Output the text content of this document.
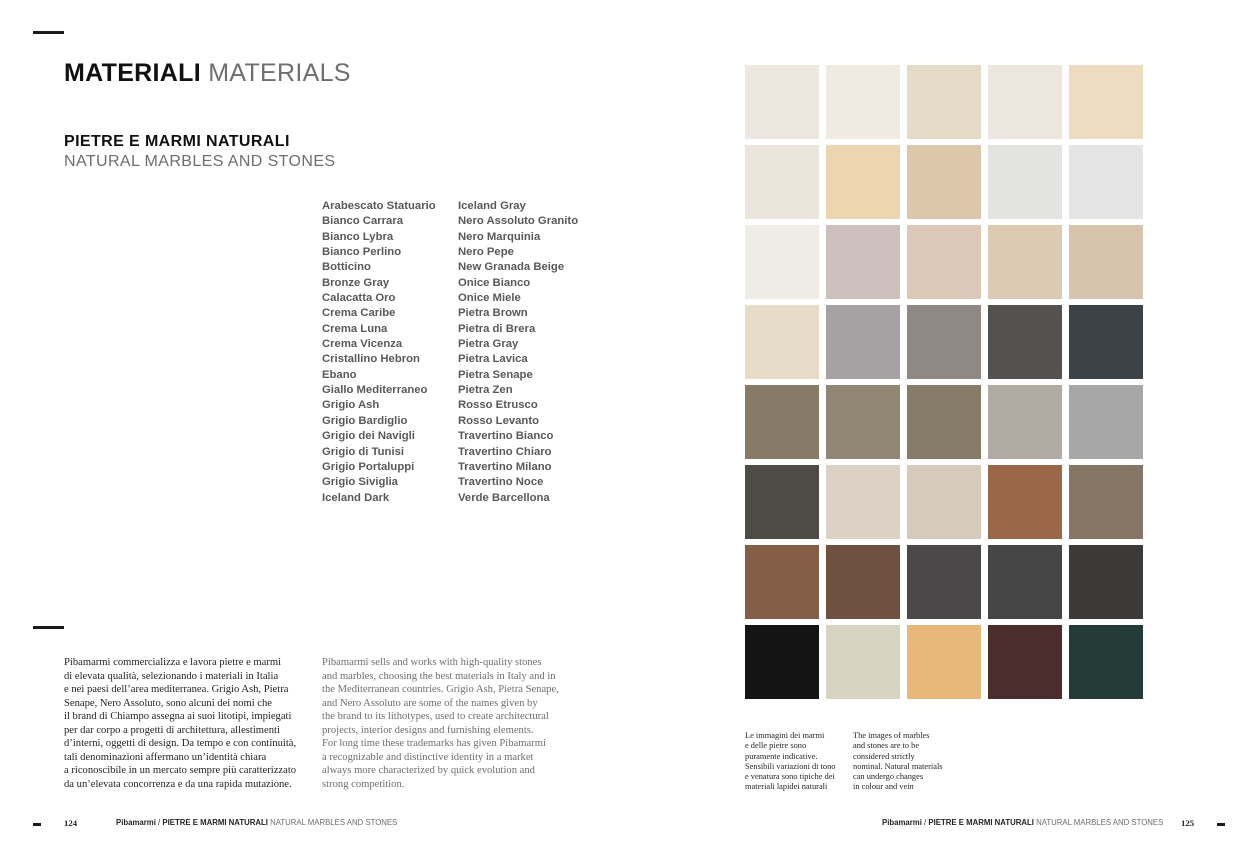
MATERIALI MATERIALS
PIETRE E MARMI NATURALI
NATURAL MARBLES AND STONES
Arabescato Statuario
Bianco Carrara
Bianco Lybra
Bianco Perlino
Botticino
Bronze Gray
Calacatta Oro
Crema Caribe
Crema Luna
Crema Vicenza
Cristallino Hebron
Ebano
Giallo Mediterraneo
Grigio Ash
Grigio Bardiglio
Grigio dei Navigli
Grigio di Tunisi
Grigio Portaluppi
Grigio Siviglia
Iceland Dark
Iceland Gray
Nero Assoluto Granito
Nero Marquinia
Nero Pepe
New Granada Beige
Onice Bianco
Onice Miele
Pietra Brown
Pietra di Brera
Pietra Gray
Pietra Lavica
Pietra Senape
Pietra Zen
Rosso Etrusco
Rosso Levanto
Travertino Bianco
Travertino Chiaro
Travertino Milano
Travertino Noce
Verde Barcellona
Pibamarmi commercializza e lavora pietre e marmi
di elevata qualità, selezionando i materiali in Italia
e nei paesi dell’area mediterranea. Grigio Ash, Pietra
Senape, Nero Assoluto, sono alcuni dei nomi che
il brand di Chiampo assegna ai suoi litotipi, impiegati
per dar corpo a progetti di architettura, allestimenti
d’interni, oggetti di design. Da tempo e con continuità,
tali denominazioni affermano un’identità chiara
a riconoscibile in un mercato sempre più caratterizzato
da un’elevata concorrenza e da una rapida mutazione.
Pibamarmi sells and works with high-quality stones
and marbles, choosing the best materials in Italy and in
the Mediterranean countries. Grigio Ash, Pietra Senape,
and Nero Assoluto are some of the names given by
the brand to its lithotypes, used to create architectural
projects, interior designs and furnishing elements.
For long time these trademarks has given Pibamarmi
a recognizable and distinctive identity in a market
always more characterized by quick evolution and
strong competition.
Le immagini dei marmi
e delle pietre sono
puramente indicative.
Sensibili variazioni di tono
e venatura sono tipiche dei
materiali lapidei naturali
The images of marbles
and stones are to be
considered strictly
nominal. Natural materials
can undergo changes
in colour and vein
124	Pibamarmi / PIETRE E MARMI NATURALI NATURAL MARBLES AND STONES	Pibamarmi / PIETRE E MARMI NATURALI NATURAL MARBLES AND STONES 125
